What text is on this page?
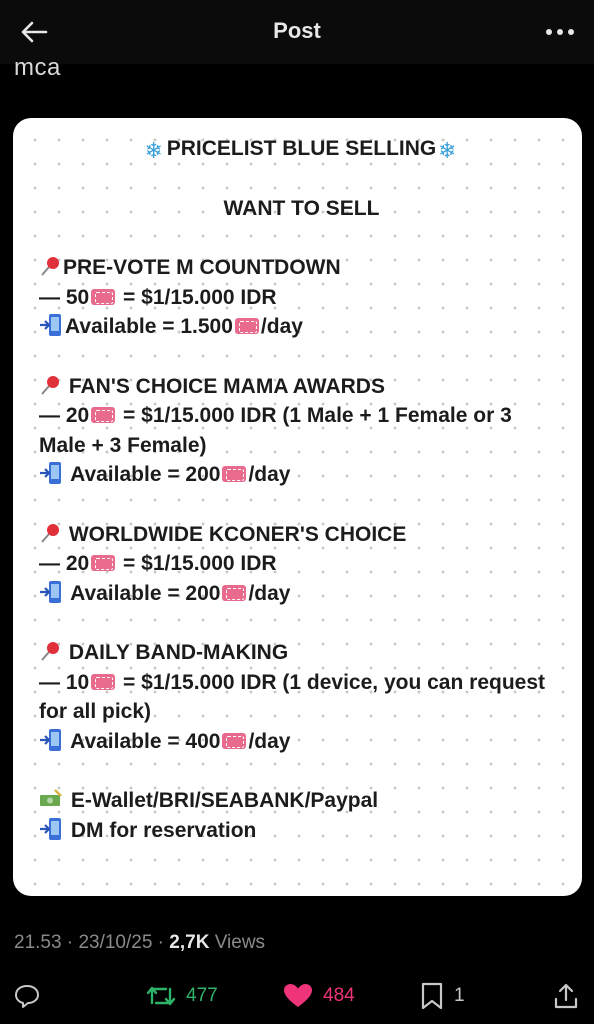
Post
mca
❄ PRICELIST BLUE SELLING❄
WANT TO SELL
PRE-VOTE M COUNTDOWN
— 50 = $1/15.000 IDR
Available = 1.500 /day
FAN'S CHOICE MAMA AWARDS
— 20 = $1/15.000 IDR (1 Male + 1 Female or 3 Male + 3 Female)
Available = 200 /day
WORLDWIDE KCONER'S CHOICE
— 20 = $1/15.000 IDR
Available = 200 /day
DAILY BAND-MAKING
— 10 = $1/15.000 IDR (1 device, you can request for all pick)
Available = 400 /day
E-Wallet/BRI/SEABANK/Paypal
DM for reservation
21.53 · 23/10/25 · 2,7K Views
477	484	1
